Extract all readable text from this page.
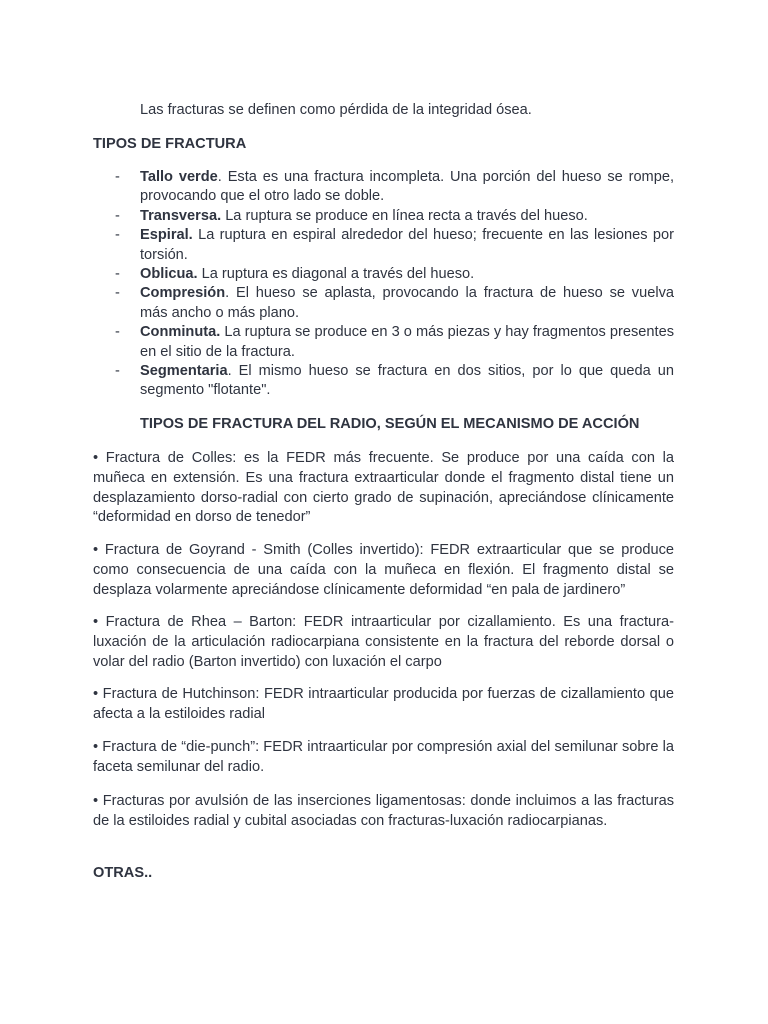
Las fracturas se definen como pérdida de la integridad ósea.

TIPOS DE FRACTURA

- Tallo verde. Esta es una fractura incompleta. Una porción del hueso se rompe, provocando que el otro lado se doble.
- Transversa. La ruptura se produce en línea recta a través del hueso.
- Espiral. La ruptura en espiral alrededor del hueso; frecuente en las lesiones por torsión.
- Oblicua. La ruptura es diagonal a través del hueso.
- Compresión. El hueso se aplasta, provocando la fractura de hueso se vuelva más ancho o más plano.
- Conminuta. La ruptura se produce en 3 o más piezas y hay fragmentos presentes en el sitio de la fractura.
- Segmentaria. El mismo hueso se fractura en dos sitios, por lo que queda un segmento "flotante".

TIPOS DE FRACTURA DEL RADIO, SEGÚN EL MECANISMO DE ACCIÓN

• Fractura de Colles: es la FEDR más frecuente. Se produce por una caída con la muñeca en extensión. Es una fractura extraarticular donde el fragmento distal tiene un desplazamiento dorso-radial con cierto grado de supinación, apreciándose clínicamente “deformidad en dorso de tenedor”

• Fractura de Goyrand - Smith (Colles invertido): FEDR extraarticular que se produce como consecuencia de una caída con la muñeca en flexión. El fragmento distal se desplaza volarmente apreciándose clínicamente deformidad “en pala de jardinero”

• Fractura de Rhea – Barton: FEDR intraarticular por cizallamiento. Es una fractura-luxación de la articulación radiocarpiana consistente en la fractura del reborde dorsal o volar del radio (Barton invertido) con luxación el carpo

• Fractura de Hutchinson: FEDR intraarticular producida por fuerzas de cizallamiento que afecta a la estiloides radial

• Fractura de “die-punch”: FEDR intraarticular por compresión axial del semilunar sobre la faceta semilunar del radio.

• Fracturas por avulsión de las inserciones ligamentosas: donde incluimos a las fracturas de la estiloides radial y cubital asociadas con fracturas-luxación radiocarpianas.

OTRAS..
